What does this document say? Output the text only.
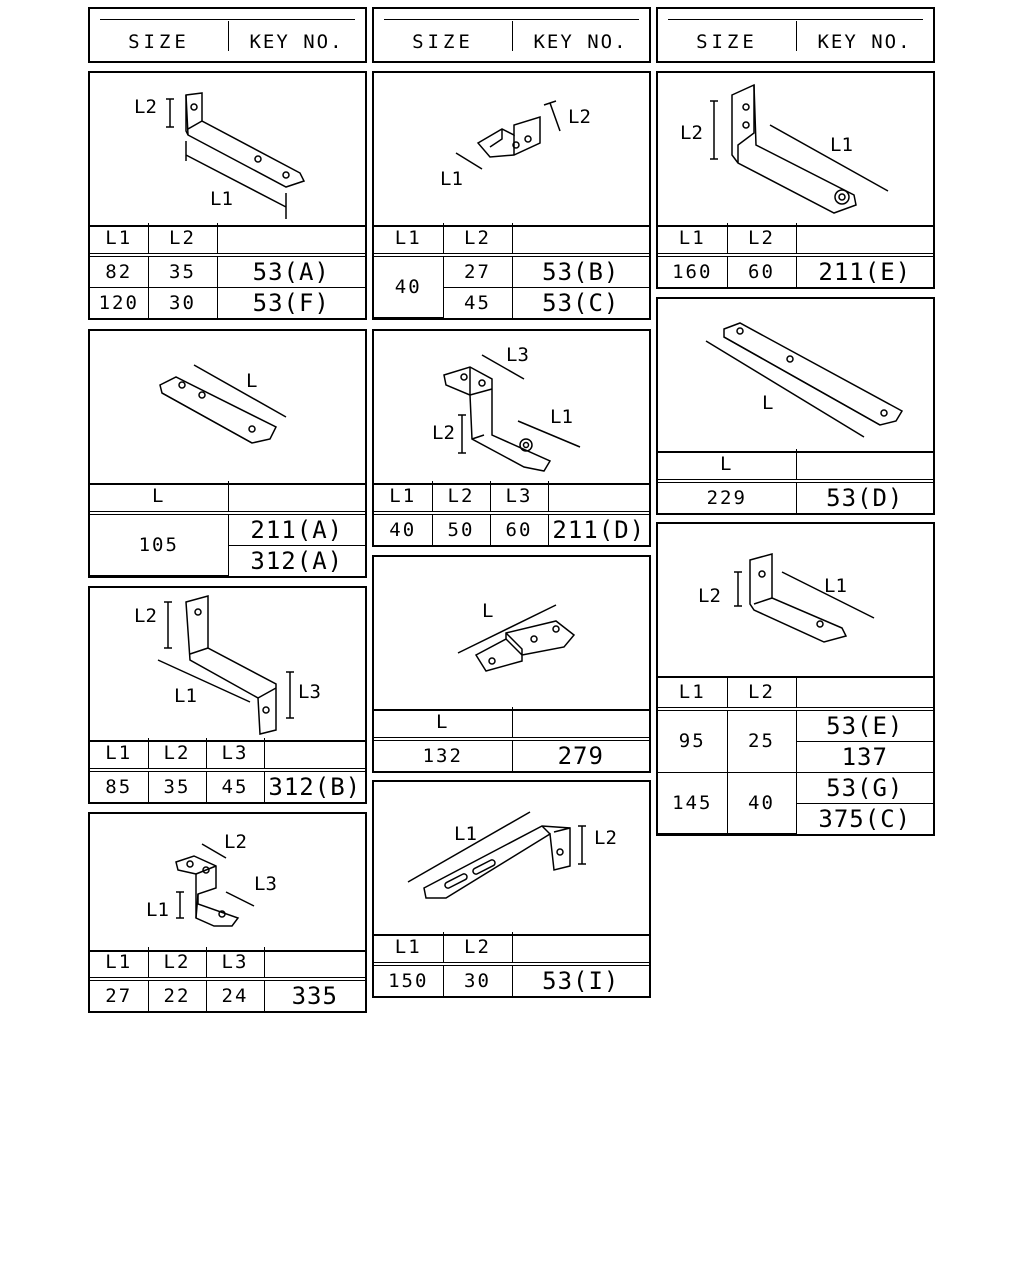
SIZE	KEY NO.	SIZE	KEY NO.	SIZE	KEY NO.
L2
L1
L1	L2	
82	35	53(A)
120	30	53(F)
L2
L1
L1	L2	
40	27	53(B)
	45	53(C)
L2
L1
L1	L2	
160	60	211(E)
L
L	
105	211(A)
	312(A)
L3
L2
L1
L1	L2	L3	
40	50	60	211(D)
L
L	
229	53(D)
L2
L1	L3
L1	L2	L3	
85	35	45	312(B)
L
L	
132	279
L2	L1
L1	L2	
95	25	53(E)
		137
145	40	53(G)
		375(C)
L2
L3
L1
L1	L2	L3	
27	22	24	335
L1	L2
L1	L2	
150	30	53(I)
